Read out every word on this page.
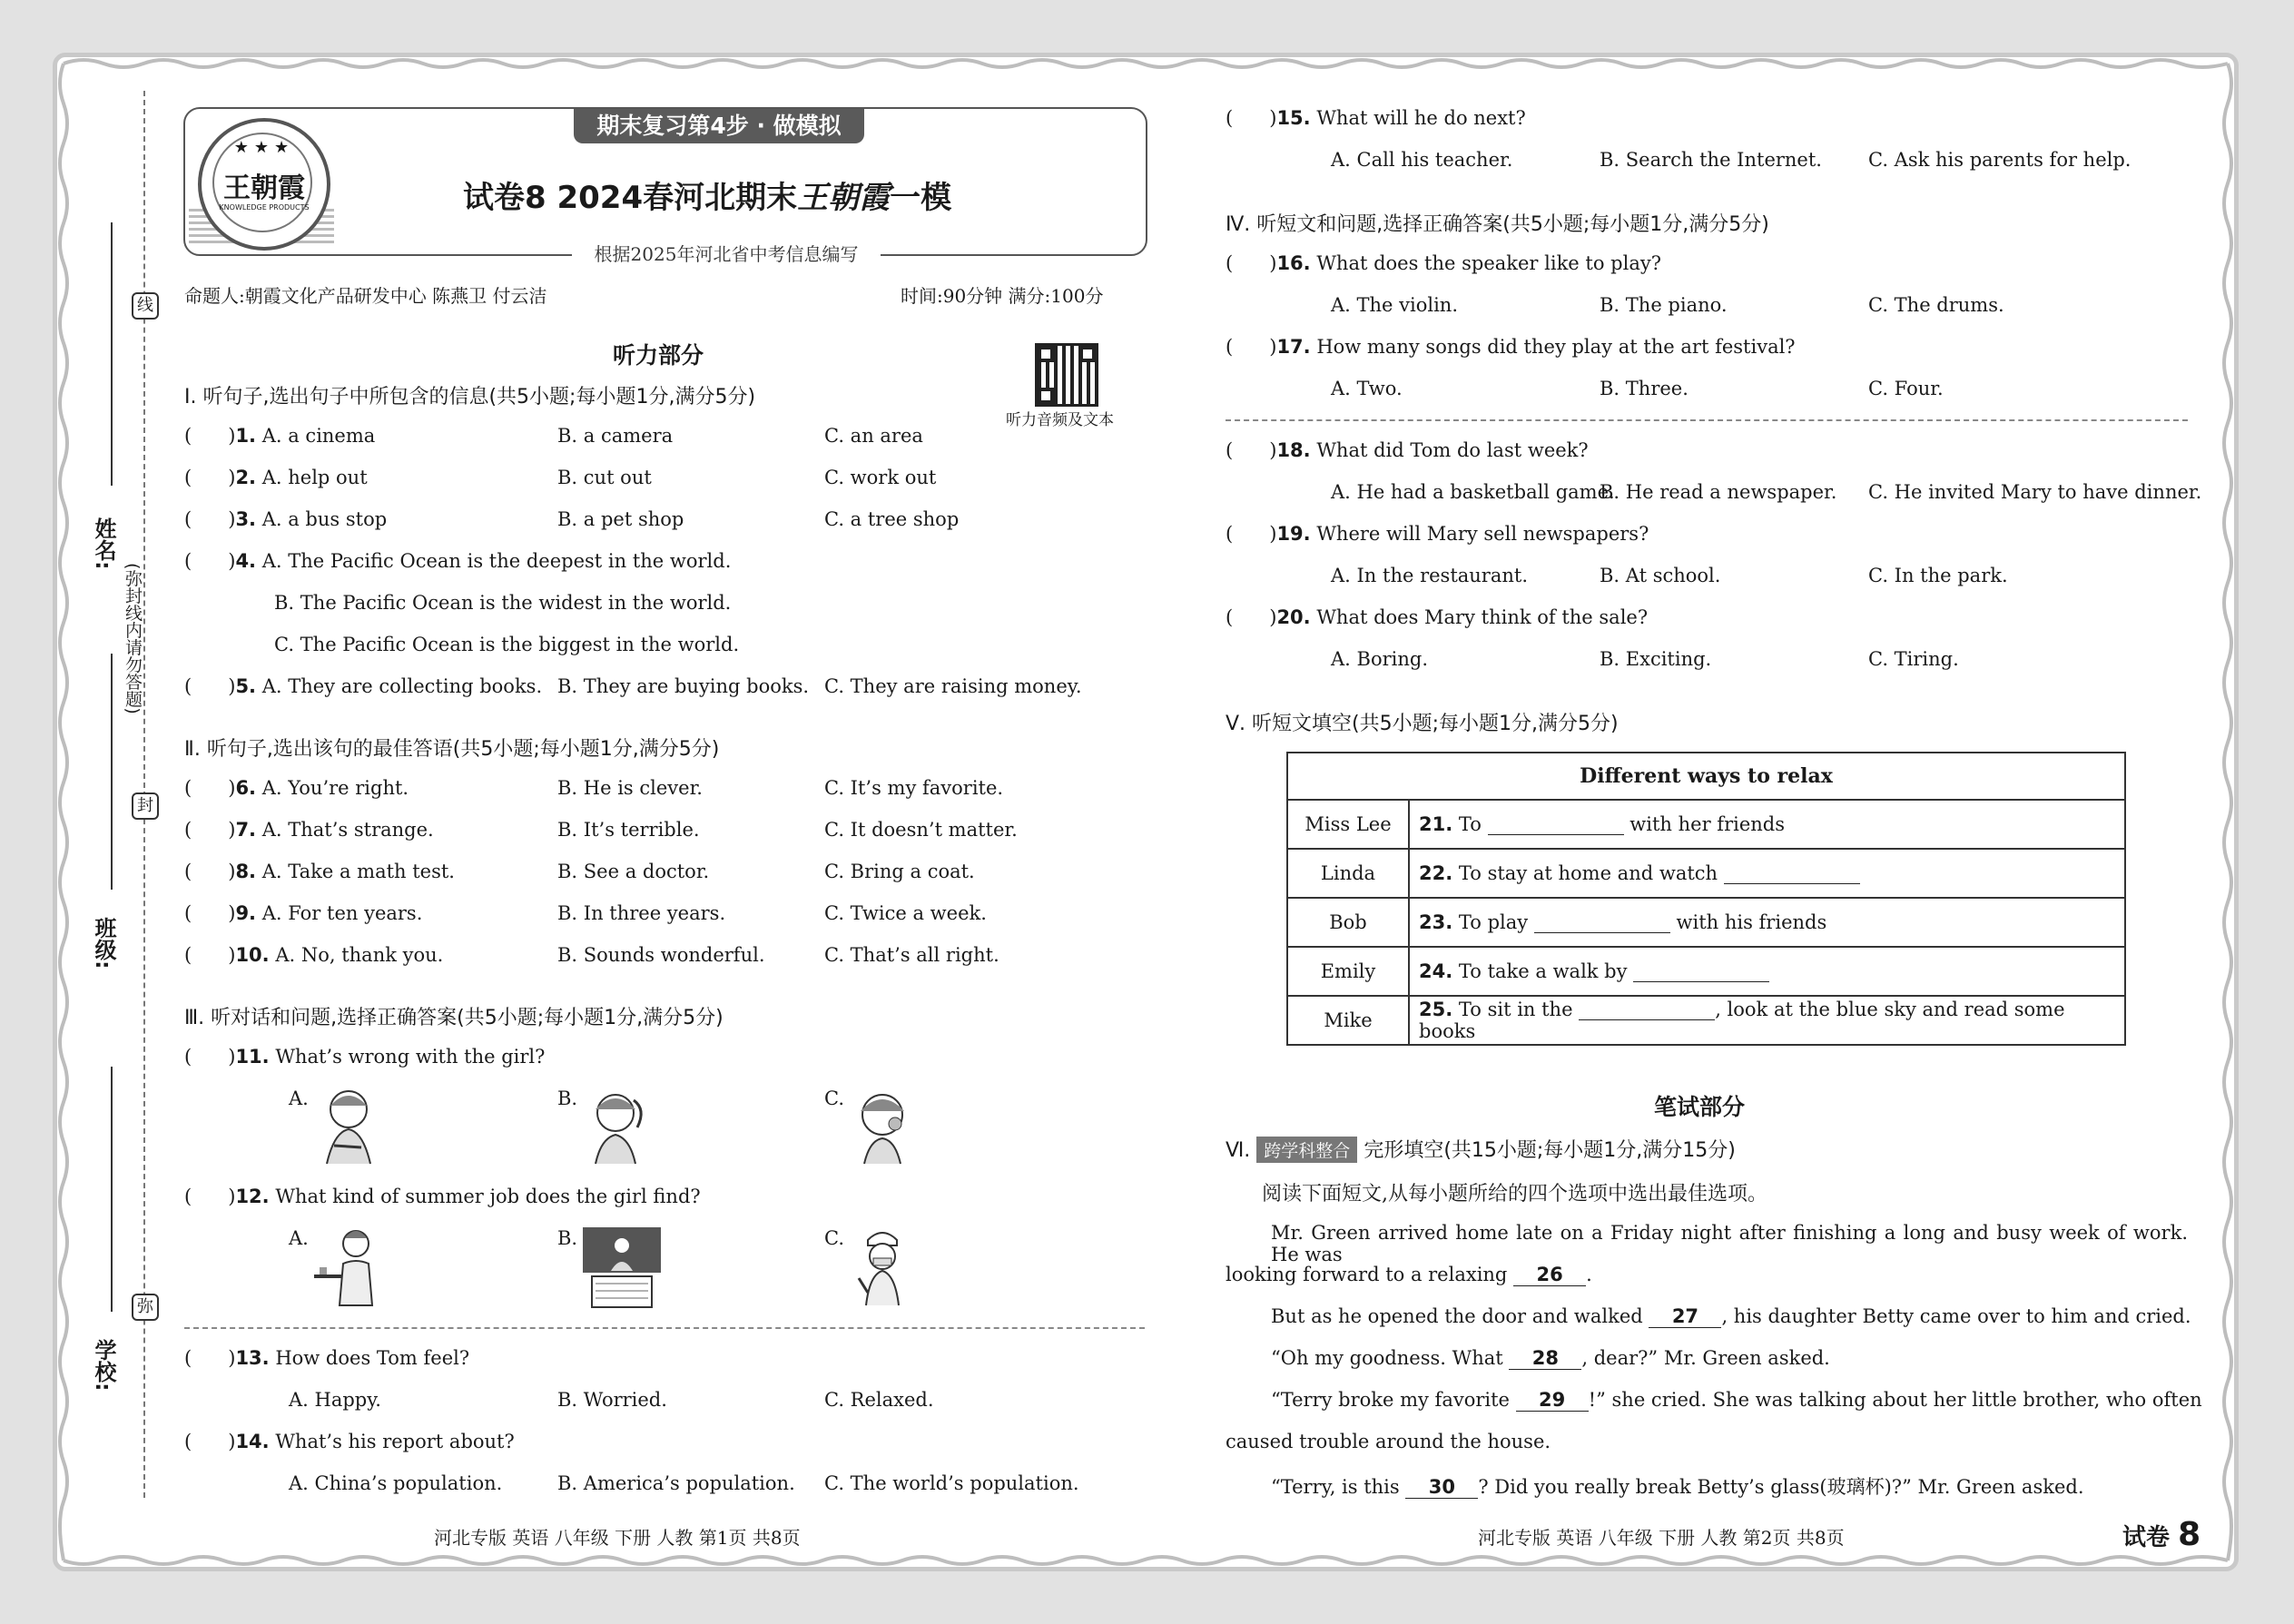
线
封
弥
(弥封线内请勿答题)
姓名:
班级:
学校:
期末复习第4步 · 做模拟
王朝霞
★★★
KNOWLEDGE PRODUCTS	试卷8 2024春河北期末王朝霞一模
根据2025年河北省中考信息编写
命题人:朝霞文化产品研发中心 陈燕卫 付云洁	时间:90分钟 满分:100分
听力音频及文本
听力部分
Ⅰ. 听句子,选出句子中所包含的信息(共5小题;每小题1分,满分5分)
(      )1. A. a cinema	B. a camera	C. an area
(      )2. A. help out	B. cut out	C. work out
(      )3. A. a bus stop	B. a pet shop	C. a tree shop
(      )4. A. The Pacific Ocean is the deepest in the world.
B. The Pacific Ocean is the widest in the world.
C. The Pacific Ocean is the biggest in the world.
(      )5. A. They are collecting books. B. They are buying books. C. They are raising money.
Ⅱ. 听句子,选出该句的最佳答语(共5小题;每小题1分,满分5分)
(      )6. A. You’re right.	B. He is clever.	C. It’s my favorite.
(      )7. A. That’s strange.	B. It’s terrible.	C. It doesn’t matter.
(      )8. A. Take a math test.	B. See a doctor.	C. Bring a coat.
(      )9. A. For ten years.	B. In three years.	C. Twice a week.
(      )10. A. No, thank you.	B. Sounds wonderful.	C. That’s all right.
Ⅲ. 听对话和问题,选择正确答案(共5小题;每小题1分,满分5分)
(      )11. What’s wrong with the girl?
A.	B.	C.
(      )12. What kind of summer job does the girl find?
A.	B.	C.
(      )13. How does Tom feel?
A. Happy.	B. Worried.	C. Relaxed.
(      )14. What’s his report about?
A. China’s population.	B. America’s population. C. The world’s population.
河北专版 英语 八年级 下册 人教 第1页 共8页
(      )15. What will he do next?
A. Call his teacher.	B. Search the Internet. C. Ask his parents for help.
Ⅳ. 听短文和问题,选择正确答案(共5小题;每小题1分,满分5分)
(      )16. What does the speaker like to play?
A. The violin.	B. The piano.	C. The drums.
(      )17. How many songs did they play at the art festival?
A. Two.	B. Three.	C. Four.
(      )18. What did Tom do last week?
A. He had a basketball game.
B. He read a newspaper. C. He invited Mary to have dinner.
(      )19. Where will Mary sell newspapers?
A. In the restaurant.	B. At school.	C. In the park.
(      )20. What does Mary think of the sale?
A. Boring.	B. Exciting.	C. Tiring.
Ⅴ. 听短文填空(共5小题;每小题1分,满分5分)
Different ways to relax	
Miss Lee	21. To with her friends
Linda	22. To stay at home and watch
Bob	23. To play with his friends
Emily	24. To take a walk by
Mike	25. To sit in the , look at the blue sky and read some books
笔试部分
Ⅵ. 跨学科整合 完形填空(共15小题;每小题1分,满分15分)
阅读下面短文,从每小题所给的四个选项中选出最佳选项。
Mr. Green arrived home late on a Friday night after finishing a long and busy week of work. He was
looking forward to a relaxing 26 .
But as he opened the door and walked 27 , his daughter Betty came over to him and cried.
“Oh my goodness. What 28 , dear?” Mr. Green asked.
“Terry broke my favorite 29 !” she cried. She was talking about her little brother, who often
caused trouble around the house.
“Terry, is this 30 ? Did you really break Betty’s glass(玻璃杯)?” Mr. Green asked.
河北专版 英语 八年级 下册 人教 第2页 共8页	试卷 8
